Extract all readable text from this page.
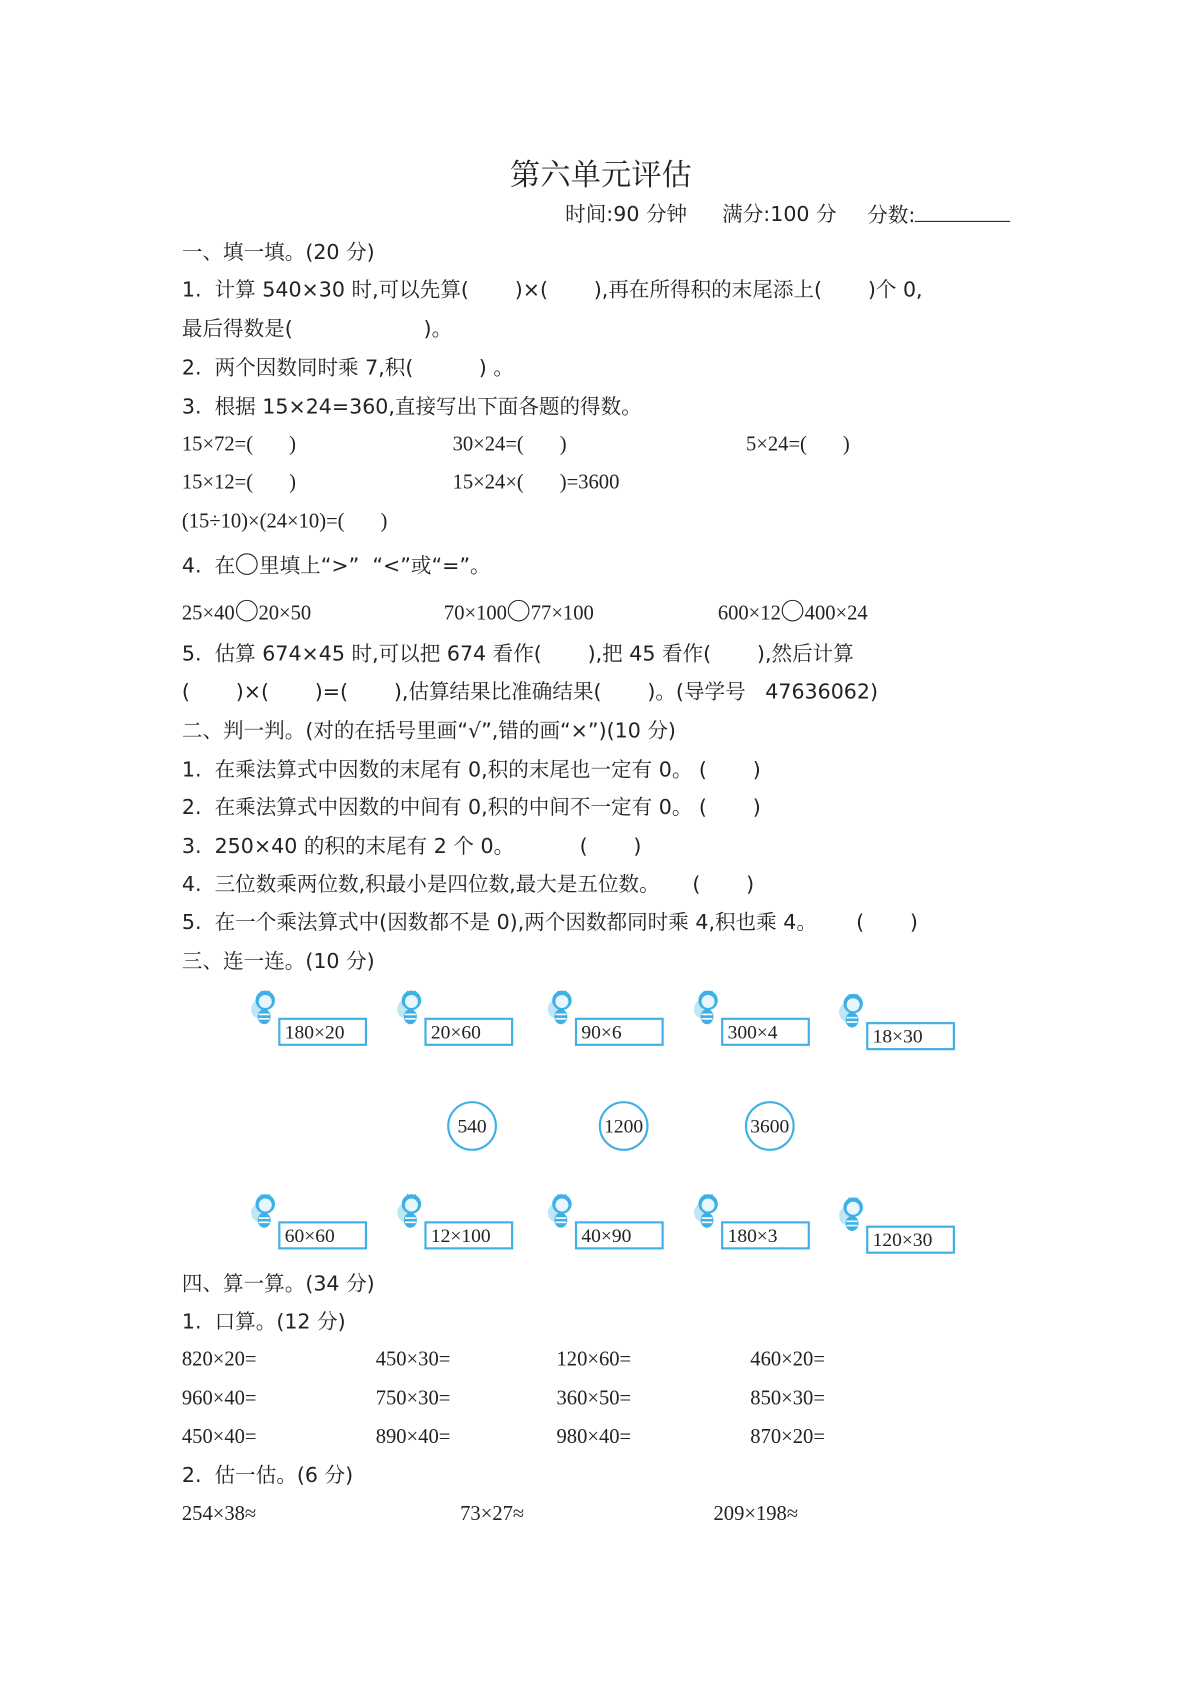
第六单元评估
时间:90 分钟 满分:100 分 分数:
一、填一填。(20 分)
1.  计算 540×30 时,可以先算(       )×(       ),再在所得积的末尾添上(       )个 0,
最后得数是(                    )。
2.  两个因数同时乘 7,积(          ) 。
3.  根据 15×24=360,直接写出下面各题的得数。
15×72=(       )	30×24=(       )	5×24=(       )
15×12=(       )	15×24×(       )=3600
(15÷10)×(24×10)=(       )
4.  在 里填上“>”  “<”或“=”。
25×40 20×50	70×100 77×100	600×12 400×24
5.  估算 674×45 时,可以把 674 看作(       ),把 45 看作(       ),然后计算
(       )×(       )=(       ),估算结果比准确结果(       )。(导学号   47636062)
二、判一判。(对的在括号里画“√”,错的画“×”)(10 分)
1.  在乘法算式中因数的末尾有 0,积的末尾也一定有 0。 (       )
2.  在乘法算式中因数的中间有 0,积的中间不一定有 0。 (       )
3.  250×40 的积的末尾有 2 个 0。          (       )
4.  三位数乘两位数,积最小是四位数,最大是五位数。     (       )
5.  在一个乘法算式中(因数都不是 0),两个因数都同时乘 4,积也乘 4。      (       )
三、连一连。(10 分)
四、算一算。(34 分)
1.  口算。(12 分)
2.  估一估。(6 分)
254×38≈	73×27≈	209×198≈
180×20	20×60	90×6	300×4	18×30
60×60	12×100	40×90	180×3	120×30
540	1200	3600
820×20=	450×30=	120×60=	460×20=
960×40=	750×30=	360×50=	850×30=
450×40=	890×40=	980×40=	870×20=
